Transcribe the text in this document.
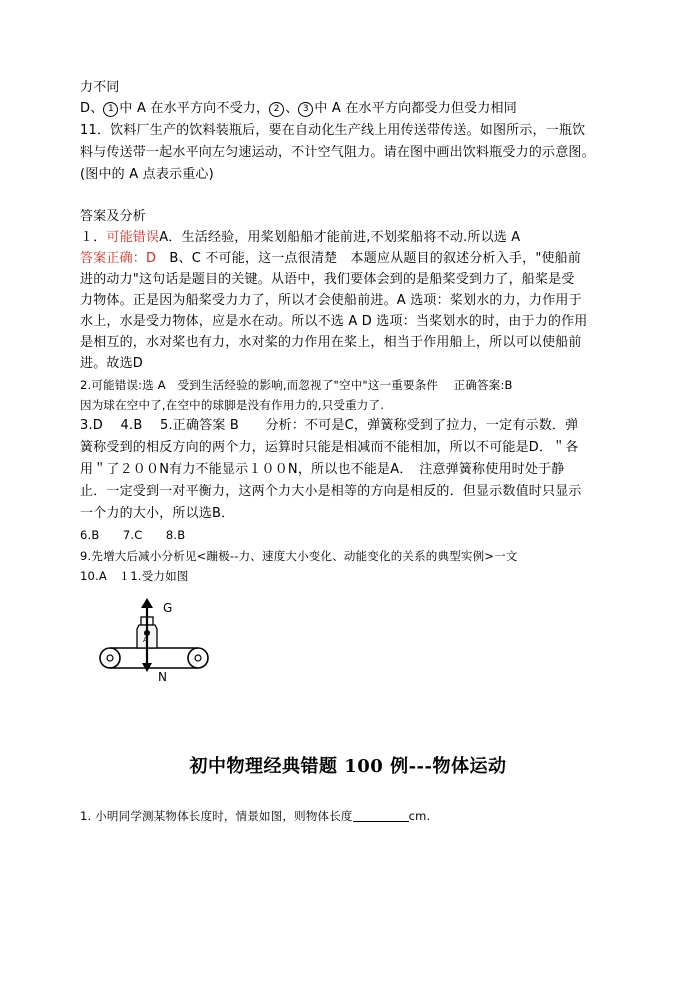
力不同
D、 1 中 A 在水平方向不受力， 2 、 3 中 A 在水平方向都受力但受力相同
11．饮料厂生产的饮料装瓶后，要在自动化生产线上用传送带传送。如图所示，一瓶饮
料与传送带一起水平向左匀速运动，不计空气阻力。请在图中画出饮料瓶受力的示意图。
(图中的 A 点表示重心)
答案及分析
１．可能错误A．生活经验，用桨划船船才能前进,不划桨船将不动.所以选 A
答案正确：D　B、C 不可能，这一点很清楚　本题应从题目的叙述分析入手，"使船前
进的动力"这句话是题目的关键。从语中，我们要体会到的是船桨受到力了，船桨是受
力物体。正是因为船桨受力力了，所以才会使船前进。A 选项：桨划水的力，力作用于
水上，水是受力物体，应是水在动。所以不选 A D 选项：当桨划水的时，由于力的作用
是相互的，水对桨也有力，水对桨的力作用在桨上，相当于作用船上，所以可以使船前
进。故选D
2.可能错误:选 A　受到生活经验的影响,而忽视了"空中"这一重要条件　 正确答案:B
因为球在空中了,在空中的球脚是没有作用力的,只受重力了.
3.D　 4.B　 5.正确答案 B　　分析：不可是C，弹簧称受到了拉力，一定有示数．弹
簧称受到的相反方向的两个力，运算时只能是相减而不能相加，所以不可能是D．＂各
用＂了２００N有力不能显示１００N，所以也不能是A．　注意弹簧称使用时处于静
止．一定受到一对平衡力，这两个力大小是相等的方向是相反的．但显示数值时只显示
一个力的大小，所以选B．
6.B　　7.C　　8.B
9.先增大后减小分析见<蹦极--力、速度大小变化、动能变化的关系的典型实例>一文
10.A　１1.受力如图
A
G
N
初中物理经典错题 100 例---物体运动
1. 小明同学测某物体长度时，情景如图，则物体长度	cm.
